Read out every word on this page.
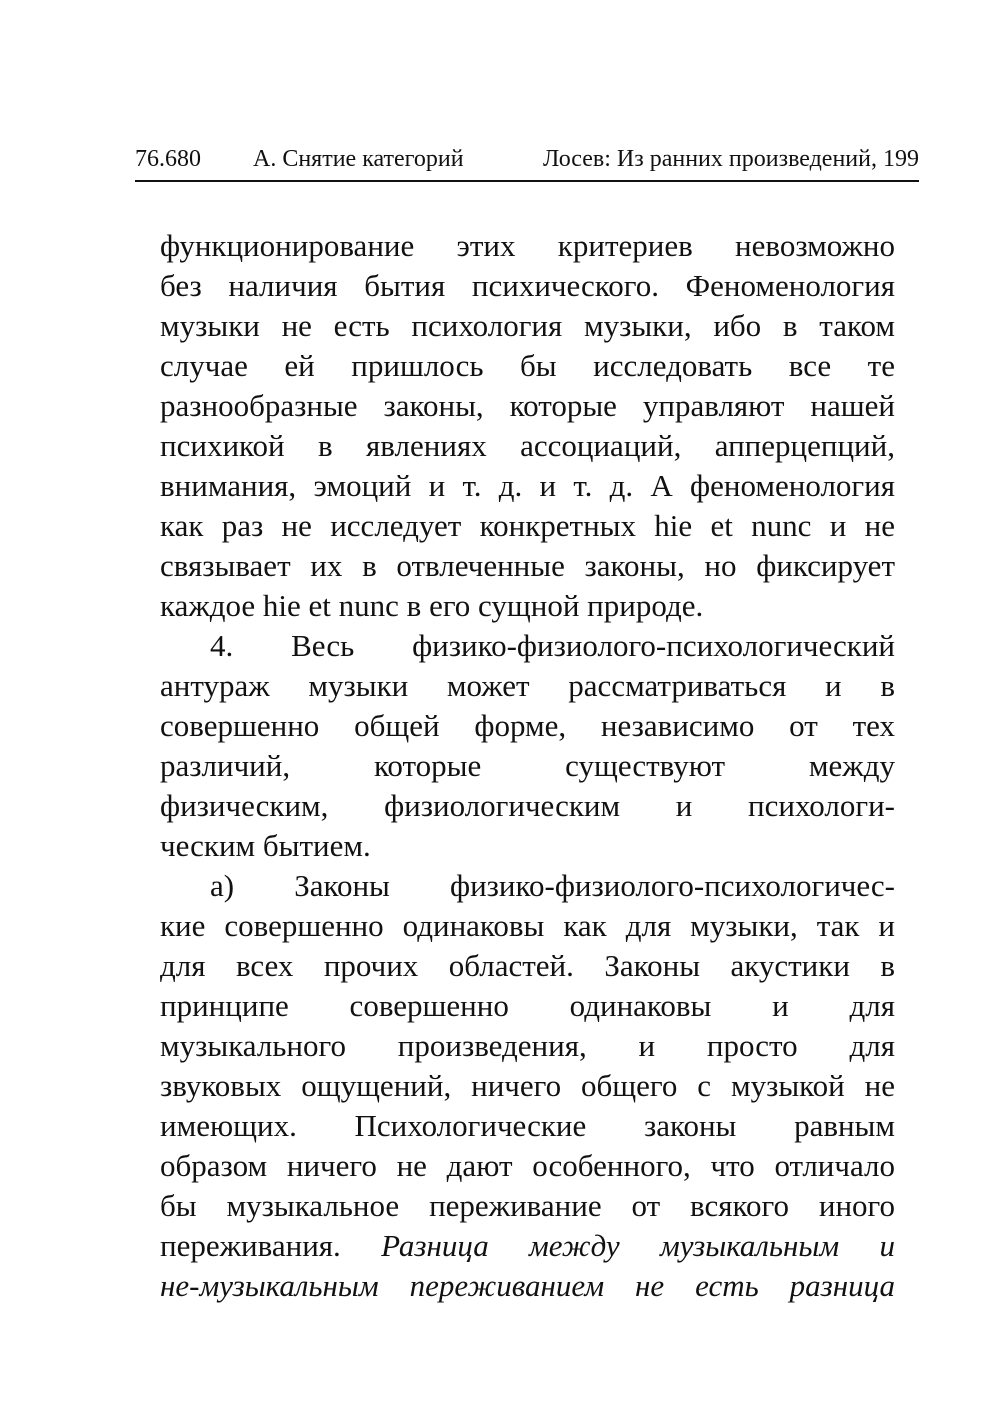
76.680 А. Снятие категорий	Лосев: Из ранних произведений, 199
функционирование этих критериев невозможно
без наличия бытия психического. Феноменология
музыки не есть психология музыки, ибо в таком
случае ей пришлось бы исследовать все те
разнообразные законы, которые управляют нашей
психикой в явлениях ассоциаций, апперцепций,
внимания, эмоций и т. д. и т. д. А феноменология
как раз не исследует конкретных hie et nunc и не
связывает их в отвлеченные законы, но фиксирует
каждое hie et nunc в его сущной природе.
4. Весь физико-физиолого-психологический
антураж музыки может рассматриваться и в
совершенно общей форме, независимо от тех
различий, которые существуют между
физическим, физиологическим и психологи-
ческим бытием.
а) Законы физико-физиолого-психологичес-
кие совершенно одинаковы как для музыки, так и
для всех прочих областей. Законы акустики в
принципе совершенно одинаковы и для
музыкального произведения, и просто для
звуковых ощущений, ничего общего с музыкой не
имеющих. Психологические законы равным
образом ничего не дают особенного, что отличало
бы музыкальное переживание от всякого иного
переживания. Разница между музыкальным и
не-музыкальным переживанием не есть разница
